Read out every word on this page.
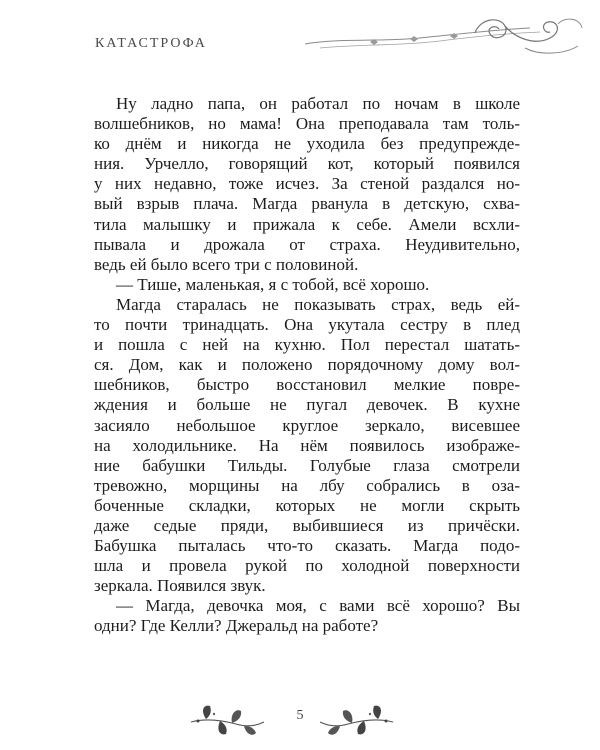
КАТАСТРОФА

Ну ладно папа, он работал по ночам в школе
волшебников, но мама! Она преподавала там толь-
ко днём и никогда не уходила без предупрежде-
ния. Урчелло, говорящий кот, который появился
у них недавно, тоже исчез. За стеной раздался но-
вый взрыв плача. Магда рванула в детскую, схва-
тила малышку и прижала к себе. Амели всхли-
пывала и дрожала от страха. Неудивительно,
ведь ей было всего три с половиной.

— Тише, маленькая, я с тобой, всё хорошо.

Магда старалась не показывать страх, ведь ей-
то почти тринадцать. Она укутала сестру в плед
и пошла с ней на кухню. Пол перестал шатать-
ся. Дом, как и положено порядочному дому вол-
шебников, быстро восстановил мелкие повре-
ждения и больше не пугал девочек. В кухне
засияло небольшое круглое зеркало, висевшее
на холодильнике. На нём появилось изображе-
ние бабушки Тильды. Голубые глаза смотрели
тревожно, морщины на лбу собрались в оза-
боченные складки, которых не могли скрыть
даже седые пряди, выбившиеся из причёски.
Бабушка пыталась что-то сказать. Магда подо-
шла и провела рукой по холодной поверхности
зеркала. Появился звук.

— Магда, девочка моя, с вами всё хорошо? Вы
одни? Где Келли? Джеральд на работе?

5
